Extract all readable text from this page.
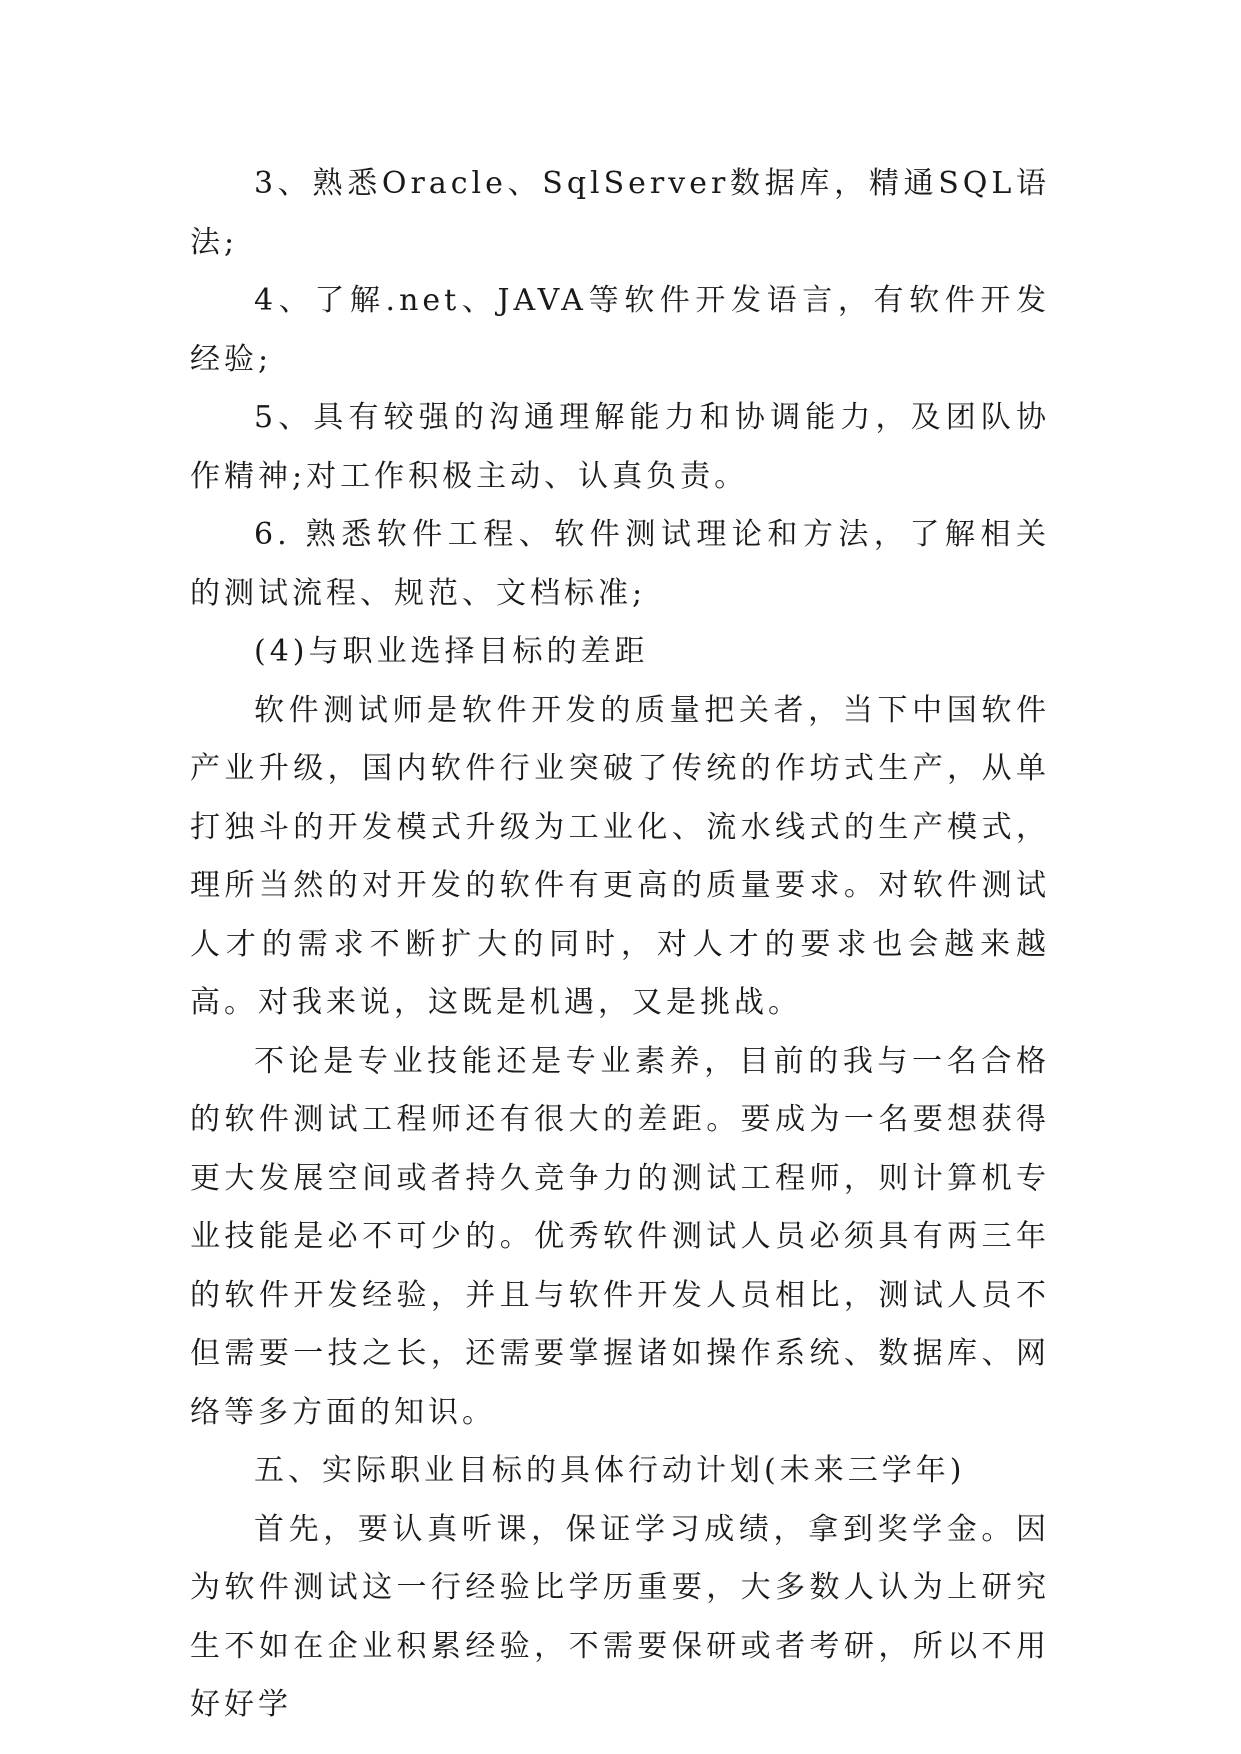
3、熟悉Oracle、SqlServer数据库，精通SQL语法;

4、了解.net、JAVA等软件开发语言，有软件开发经验;

5、具有较强的沟通理解能力和协调能力，及团队协作精神;对工作积极主动、认真负责。

6. 熟悉软件工程、软件测试理论和方法，了解相关的测试流程、规范、文档标准;

(4)与职业选择目标的差距

软件测试师是软件开发的质量把关者，当下中国软件产业升级，国内软件行业突破了传统的作坊式生产，从单打独斗的开发模式升级为工业化、流水线式的生产模式，理所当然的对开发的软件有更高的质量要求。对软件测试人才的需求不断扩大的同时，对人才的要求也会越来越高。对我来说，这既是机遇，又是挑战。

不论是专业技能还是专业素养，目前的我与一名合格的软件测试工程师还有很大的差距。要成为一名要想获得更大发展空间或者持久竞争力的测试工程师，则计算机专业技能是必不可少的。优秀软件测试人员必须具有两三年的软件开发经验，并且与软件开发人员相比，测试人员不但需要一技之长，还需要掌握诸如操作系统、数据库、网络等多方面的知识。

五、实际职业目标的具体行动计划(未来三学年)

首先，要认真听课，保证学习成绩，拿到奖学金。因为软件测试这一行经验比学历重要，大多数人认为上研究生不如在企业积累经验，不需要保研或者考研，所以不用好好学
